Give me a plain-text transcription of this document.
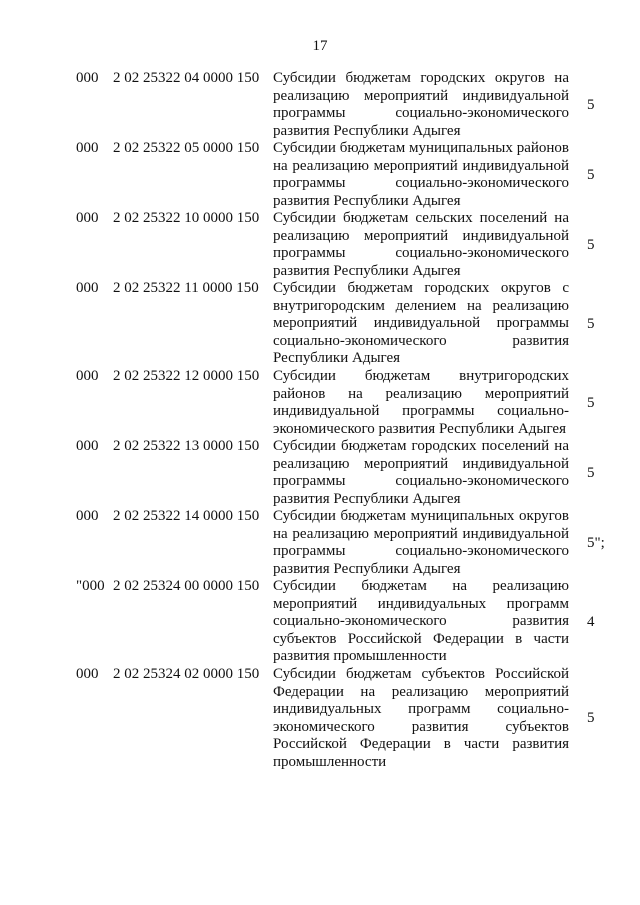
17
000 2 02 25322 04 0000 150 Субсидии бюджетам городских округов на реализацию мероприятий индивидуальной программы социально-экономического развития Республики Адыгея
5
000 2 02 25322 05 0000 150 Субсидии бюджетам муниципальных районов на реализацию мероприятий индивидуальной программы социально-экономического развития Республики Адыгея
5
000 2 02 25322 10 0000 150 Субсидии бюджетам сельских поселений на реализацию мероприятий индивидуальной программы социально-экономического развития Республики Адыгея
5
000 2 02 25322 11 0000 150 Субсидии бюджетам городских округов с внутригородским делением на реализацию мероприятий индивидуальной программы социально-экономического развития Республики Адыгея
5
000 2 02 25322 12 0000 150 Субсидии бюджетам внутригородских районов на реализацию мероприятий индивидуальной программы социально-экономического развития Республики Адыгея
5
000 2 02 25322 13 0000 150 Субсидии бюджетам городских поселений на реализацию мероприятий индивидуальной программы социально-экономического развития Республики Адыгея
5
000 2 02 25322 14 0000 150 Субсидии бюджетам муниципальных округов на реализацию мероприятий индивидуальной программы социально-экономического развития Республики Адыгея
5";
"000 2 02 25324 00 0000 150 Субсидии бюджетам на реализацию мероприятий индивидуальных программ социально-экономического развития субъектов Российской Федерации в части развития промышленности
4
000 2 02 25324 02 0000 150 Субсидии бюджетам субъектов Российской Федерации на реализацию мероприятий индивидуальных программ социально-экономического развития субъектов Российской Федерации в части развития промышленности
5
